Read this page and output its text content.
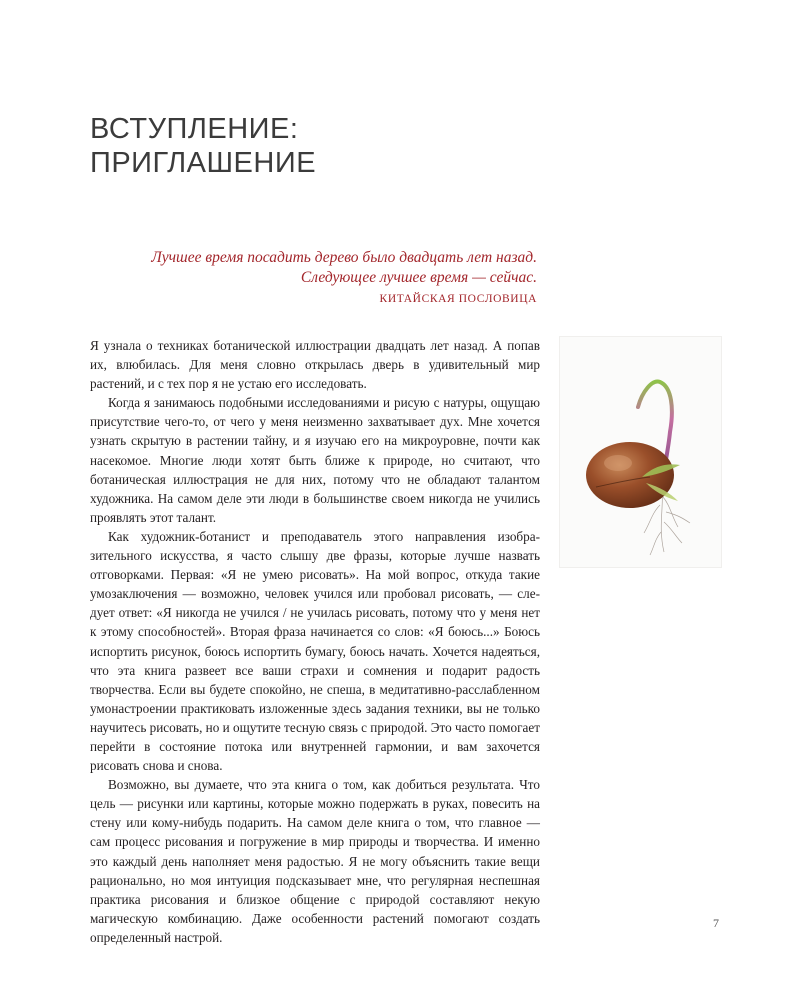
ВСТУПЛЕНИЕ:
ПРИГЛАШЕНИЕ
Лучшее время посадить дерево было двадцать лет назад.
Следующее лучшее время — сейчас.
КИТАЙСКАЯ ПОСЛОВИЦА

Я узнала о техниках ботанической иллюстрации двадцать лет назад. А попав их, влюбилась. Для меня словно открылась дверь в удивительный мир растений, и с тех пор я не устаю его исследовать.

Когда я занимаюсь подобными исследованиями и рисую с натуры, ощущаю присутствие чего-то, от чего у меня неизменно захватывает дух. Мне хочется узнать скрытую в растении тайну, и я изучаю его на микроуровне, почти как насекомое. Многие люди хотят быть ближе к природе, но считают, что ботаническая иллюстрация не для них, потому что не обладают талантом художника. На самом деле эти люди в большинстве своем никогда не учились проявлять этот талант.

Как художник-ботанист и преподаватель этого направления изобразительного искусства, я часто слышу две фразы, которые лучше назвать отговорками. Первая: «Я не умею рисовать». На мой вопрос, откуда такие умозаключения — возможно, человек учился или пробовал рисовать, — следует ответ: «Я никогда не учился / не училась рисовать, потому что у меня нет к этому способностей». Вторая фраза начинается со слов: «Я боюсь...» Боюсь испортить рисунок, боюсь испортить бумагу, боюсь начать. Хочется надеяться, что эта книга развеет все ваши страхи и сомнения и подарит радость творчества. Если вы будете спокойно, не спеша, в медитативно-расслабленном умонастроении практиковать изложенные здесь задания техники, вы не только научитесь рисовать, но и ощутите тесную связь с природой. Это часто помогает перейти в состояние потока или внутренней гармонии, и вам захочется рисовать снова и снова.

Возможно, вы думаете, что эта книга о том, как добиться результата. Что цель — рисунки или картины, которые можно подержать в руках, повесить на стену или кому-нибудь подарить. На самом деле книга о том, что главное — сам процесс рисования и погружение в мир природы и творчества. И именно это каждый день наполняет меня радостью. Я не могу объяснить такие вещи рационально, но моя интуиция подсказывает мне, что регулярная неспешная практика рисования и близкое общение с природой составляют некую магическую комбинацию. Даже особенности растений помогают создать определенный настрой.

7
